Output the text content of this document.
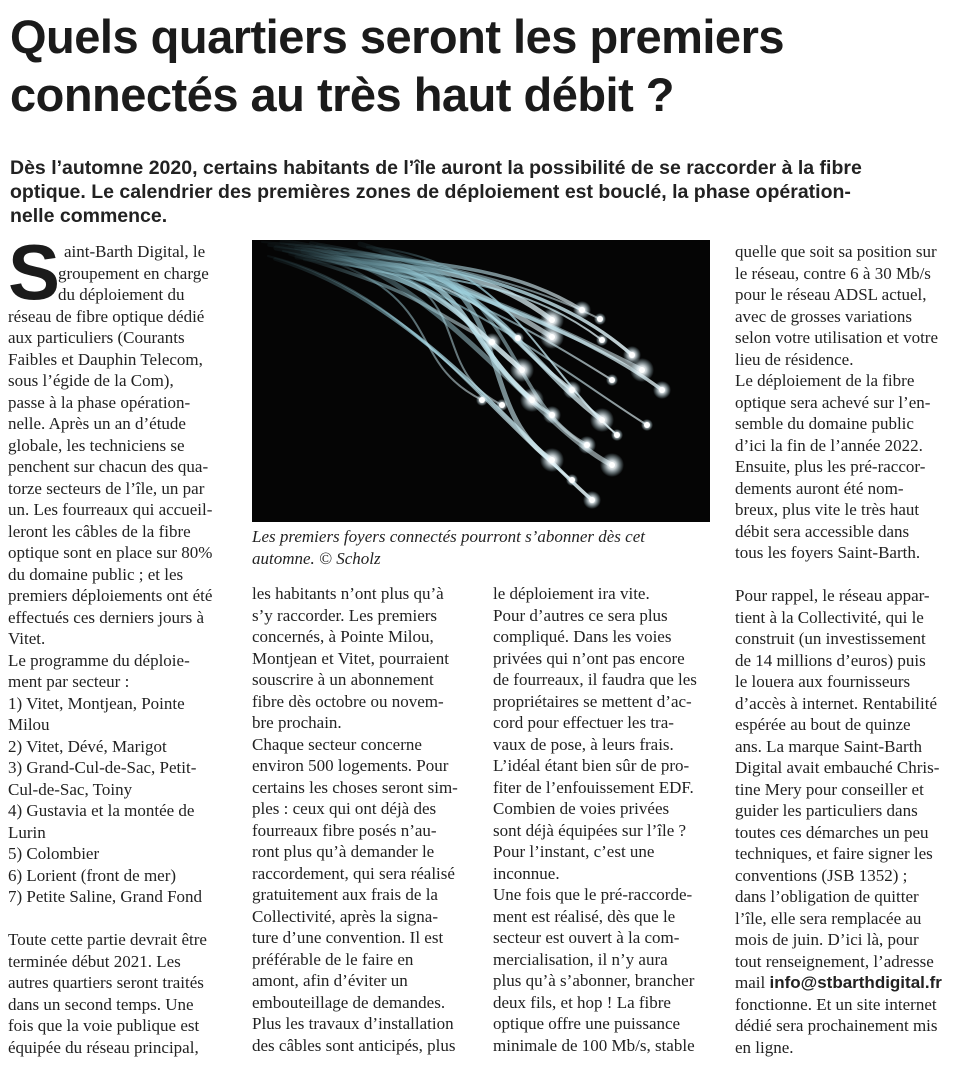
Quels quartiers seront les premiers
connectés au très haut débit ?

Dès l’automne 2020, certains habitants de l’île auront la possibilité de se raccorder à la fibre
optique. Le calendrier des premières zones de déploiement est bouclé, la phase opération-
nelle commence.

S aint-Barth Digital, le
groupement en charge
du déploiement du
réseau de fibre optique dédié
aux particuliers (Courants
Faibles et Dauphin Telecom,
sous l’égide de la Com),
passe à la phase opération-
nelle. Après un an d’étude
globale, les techniciens se
penchent sur chacun des qua-
torze secteurs de l’île, un par
un. Les fourreaux qui accueil-
leront les câbles de la fibre
optique sont en place sur 80%
du domaine public ; et les
premiers déploiements ont été
effectués ces derniers jours à
Vitet.
Le programme du déploie-
ment par secteur :
1) Vitet, Montjean, Pointe
Milou
2) Vitet, Dévé, Marigot
3) Grand-Cul-de-Sac, Petit-
Cul-de-Sac, Toiny
4) Gustavia et la montée de
Lurin
5) Colombier
6) Lorient (front de mer)
7) Petite Saline, Grand Fond
Toute cette partie devrait être
terminée début 2021. Les
autres quartiers seront traités
dans un second temps. Une
fois que la voie publique est
équipée du réseau principal,
les habitants n’ont plus qu’à
s’y raccorder. Les premiers
concernés, à Pointe Milou,
Montjean et Vitet, pourraient
souscrire à un abonnement
fibre dès octobre ou novem-
bre prochain.
Chaque secteur concerne
environ 500 logements. Pour
certains les choses seront sim-
ples : ceux qui ont déjà des
fourreaux fibre posés n’au-
ront plus qu’à demander le
raccordement, qui sera réalisé
gratuitement aux frais de la
Collectivité, après la signa-
ture d’une convention. Il est
préférable de le faire en
amont, afin d’éviter un
embouteillage de demandes.
Plus les travaux d’installation
des câbles sont anticipés, plus
le déploiement ira vite.
Pour d’autres ce sera plus
compliqué. Dans les voies
privées qui n’ont pas encore
de fourreaux, il faudra que les
propriétaires se mettent d’ac-
cord pour effectuer les tra-
vaux de pose, à leurs frais.
L’idéal étant bien sûr de pro-
fiter de l’enfouissement EDF.
Combien de voies privées
sont déjà équipées sur l’île ?
Pour l’instant, c’est une
inconnue.
Une fois que le pré-raccorde-
ment est réalisé, dès que le
secteur est ouvert à la com-
mercialisation, il n’y aura
plus qu’à s’abonner, brancher
deux fils, et hop ! La fibre
optique offre une puissance
minimale de 100 Mb/s, stable
quelle que soit sa position sur
le réseau, contre 6 à 30 Mb/s
pour le réseau ADSL actuel,
avec de grosses variations
selon votre utilisation et votre
lieu de résidence.
Le déploiement de la fibre
optique sera achevé sur l’en-
semble du domaine public
d’ici la fin de l’année 2022.
Ensuite, plus les pré-raccor-
dements auront été nom-
breux, plus vite le très haut
débit sera accessible dans
tous les foyers Saint-Barth.
Pour rappel, le réseau appar-
tient à la Collectivité, qui le
construit (un investissement
de 14 millions d’euros) puis
le louera aux fournisseurs
d’accès à internet. Rentabilité
espérée au bout de quinze
ans. La marque Saint-Barth
Digital avait embauché Chris-
tine Mery pour conseiller et
guider les particuliers dans
toutes ces démarches un peu
techniques, et faire signer les
conventions (JSB 1352) ;
dans l’obligation de quitter
l’île, elle sera remplacée au
mois de juin. D’ici là, pour
tout renseignement, l’adresse
mail info@stbarthdigital.fr
fonctionne. Et un site internet
dédié sera prochainement mis
en ligne.
Les premiers foyers connectés pourront s’abonner dès cet
automne. © Scholz
